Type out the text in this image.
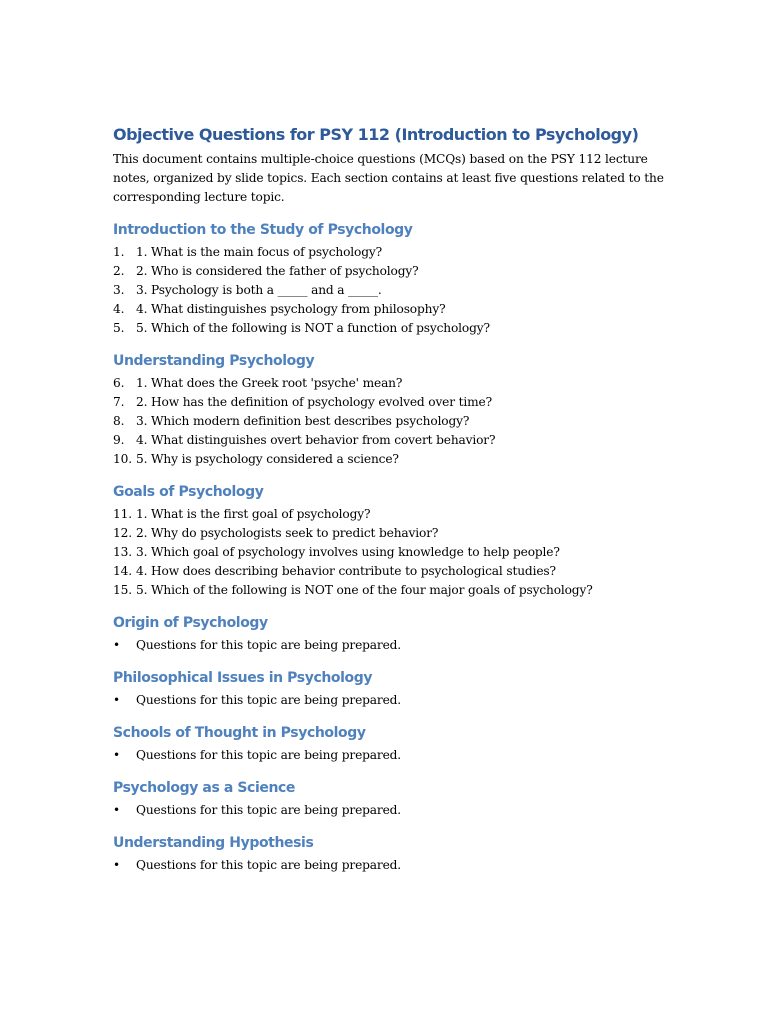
Objective Questions for PSY 112 (Introduction to Psychology)

This document contains multiple-choice questions (MCQs) based on the PSY 112 lecture notes, organized by slide topics. Each section contains at least five questions related to the corresponding lecture topic.

Introduction to the Study of Psychology
1. 1. What is the main focus of psychology?
2. 2. Who is considered the father of psychology?
3. 3. Psychology is both a _____ and a _____.
4. 4. What distinguishes psychology from philosophy?
5. 5. Which of the following is NOT a function of psychology?
Understanding Psychology
6. 1. What does the Greek root 'psyche' mean?
7. 2. How has the definition of psychology evolved over time?
8. 3. Which modern definition best describes psychology?
9. 4. What distinguishes overt behavior from covert behavior?
10. 5. Why is psychology considered a science?
Goals of Psychology
11. 1. What is the first goal of psychology?
12. 2. Why do psychologists seek to predict behavior?
13. 3. Which goal of psychology involves using knowledge to help people?
14. 4. How does describing behavior contribute to psychological studies?
15. 5. Which of the following is NOT one of the four major goals of psychology?
Origin of Psychology
• Questions for this topic are being prepared.
Philosophical Issues in Psychology
• Questions for this topic are being prepared.
Schools of Thought in Psychology
• Questions for this topic are being prepared.
Psychology as a Science
• Questions for this topic are being prepared.
Understanding Hypothesis
• Questions for this topic are being prepared.
